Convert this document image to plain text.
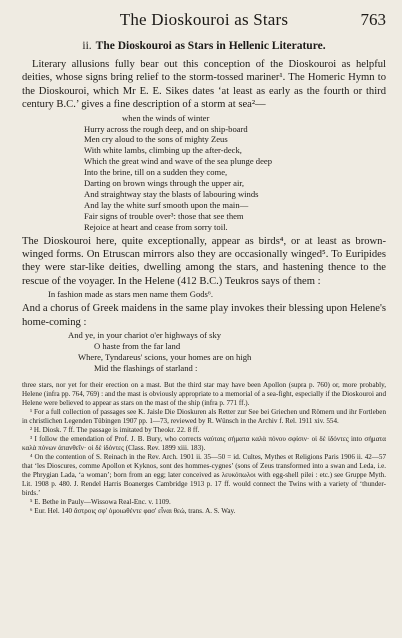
The Dioskouroi as Stars	763
ii. The Dioskouroi as Stars in Hellenic Literature.

Literary allusions fully bear out this conception of the Dioskouroi as helpful deities, whose signs bring relief to the storm-tossed mariner¹. The Homeric Hymn to the Dioskouroi, which Mr E. E. Sikes dates ‘at least as early as the fourth or third century B.C.’ gives a fine description of a storm at sea²—

when the winds of winter
Hurry across the rough deep, and on ship-board
Men cry aloud to the sons of mighty Zeus
With white lambs, climbing up the after-deck,
Which the great wind and wave of the sea plunge deep
Into the brine, till on a sudden they come,
Darting on brown wings through the upper air,
And straightway stay the blasts of labouring winds
And lay the white surf smooth upon the main—
Fair signs of trouble over³: those that see them
Rejoice at heart and cease from sorry toil.

The Dioskouroi here, quite exceptionally, appear as birds⁴, or at least as brown-winged forms. On Etruscan mirrors also they are occasionally winged⁵. To Euripides they were star-like deities, dwelling among the stars, and hastening thence to the rescue of the voyager. In the Helene (412 B.C.) Teukros says of them :

In fashion made as stars men name them Gods⁶.

And a chorus of Greek maidens in the same play invokes their blessing upon Helene's home-coming :

And ye, in your chariot o'er highways of sky
O haste from the far land
Where, Tyndareus' scions, your homes are on high
Mid the flashings of starland :

three stars, nor yet for their erection on a mast. But the third star may have been Apollon (supra p. 760) or, more probably, Helene (infra pp. 764, 769) : and the mast is obviously appropriate to a memorial of a sea-fight, especially if the Dioskouroi and Helene were believed to appear as stars on the mast of the ship (infra p. 771 ff.).

¹ For a full collection of passages see K. Jaisle Die Dioskuren als Retter zur See bei Griechen und Römern und ihr Fortleben in christlichen Legenden Tübingen 1907 pp. 1—73, reviewed by R. Wünsch in the Archiv f. Rel. 1911 xiv. 554.

² H. Diosk. 7 ff. The passage is imitated by Theokr. 22. 8 ff.

³ I follow the emendation of Prof. J. B. Bury, who corrects ναύταις σήματα καλὰ πόνου σφίσιν· οἱ δὲ ἰδόντες into σήματα καλὰ πόνων ἀπανθεῖν· οἱ δὲ ἰδόντες (Class. Rev. 1899 xiii. 183).

⁴ On the contention of S. Reinach in the Rev. Arch. 1901 ii. 35—50 = id. Cultes, Mythes et Religions Paris 1906 ii. 42—57 that ‘les Dioscures, comme Apollon et Kyknos, sont des hommes-cygnes’ (sons of Zeus transformed into a swan and Leda, i.e. the Phrygian Lada, ‘a woman’; born from an egg; later conceived as λευκόπωλοι with egg-shell pilei : etc.) see Gruppe Myth. Lit. 1908 p. 480. J. Rendel Harris Boanerges Cambridge 1913 p. 17 ff. would connect the Twins with a variety of ‘thunder-birds.’

⁵ E. Bethe in Pauly—Wissowa Real-Enc. v. 1109.

⁶ Eur. Hel. 140 ἄστροις σφ' ὁμοιωθέντε φασ' εἶναι θεώ, trans. A. S. Way.
